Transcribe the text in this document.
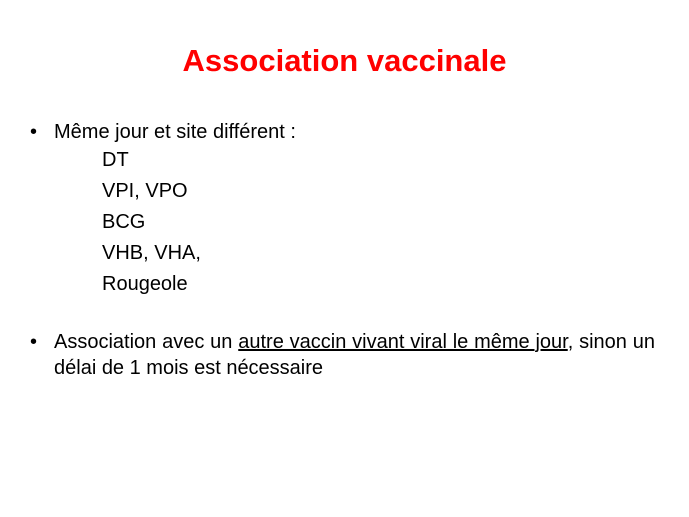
Association vaccinale
• Même jour et site différent :
DT
VPI, VPO
BCG
VHB, VHA,
Rougeole
• Association avec un autre vaccin vivant viral le même jour, sinon un délai de 1 mois est nécessaire
